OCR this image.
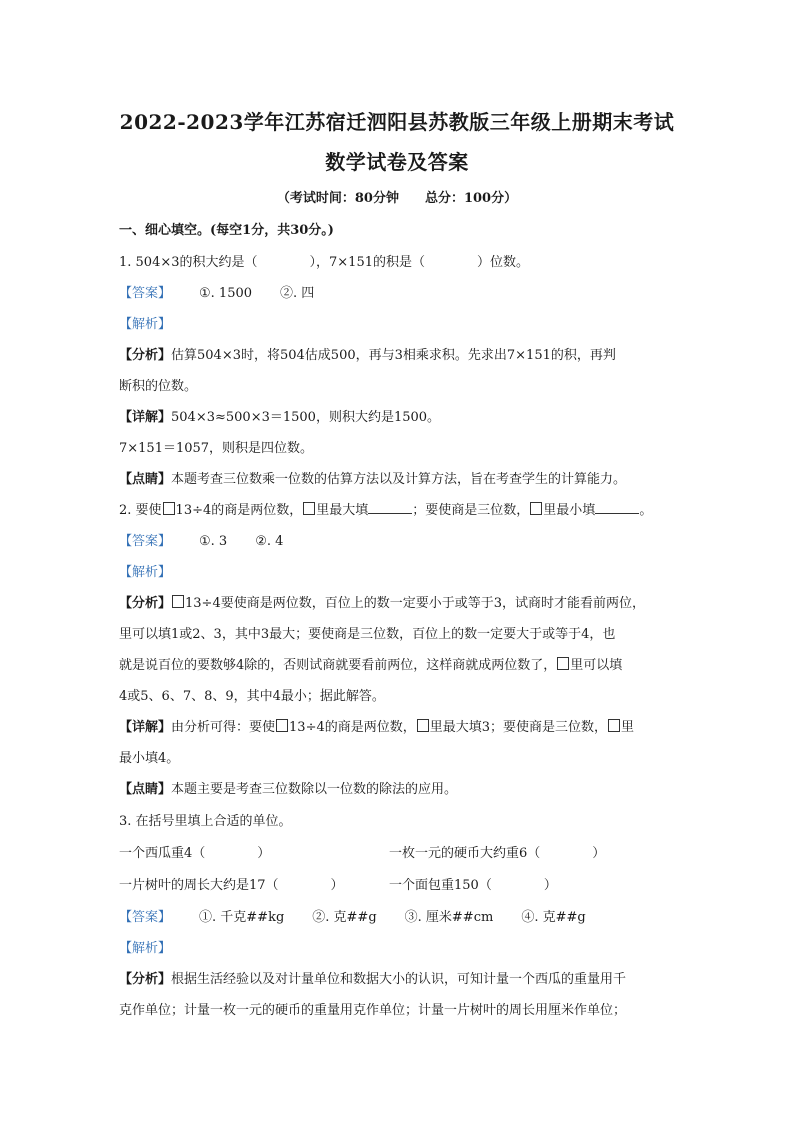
2022-2023学年江苏宿迁泗阳县苏教版三年级上册期末考试
数学试卷及答案
（考试时间：80分钟 总分：100分）
一、细心填空。(每空1分，共30分。)
1. 504×3的积大约是（　　　　），7×151的积是（　　　　）位数。
【答案】 ①. 1500 ②. 四
【解析】
【分析】估算504×3时，将504估成500，再与3相乘求积。先求出7×151的积，再判
断积的位数。
【详解】504×3≈500×3＝1500，则积大约是1500。
7×151＝1057，则积是四位数。
【点睛】本题考查三位数乘一位数的估算方法以及计算方法，旨在考查学生的计算能力。
2. 要使 13÷4的商是两位数， 里最大填	；要使商是三位数， 里最小填	。
【答案】 ①. 3 ②. 4
【解析】
【分析】 13÷4要使商是两位数，百位上的数一定要小于或等于3，试商时才能看前两位，
里可以填1或2、3，其中3最大；要使商是三位数，百位上的数一定要大于或等于4，也
就是说百位的要数够4除的，否则试商就要看前两位，这样商就成两位数了， 里可以填
4或5、6、7、8、9，其中4最小；据此解答。
【详解】由分析可得：要使 13÷4的商是两位数， 里最大填3；要使商是三位数， 里
最小填4。
【点睛】本题主要是考查三位数除以一位数的除法的应用。
3. 在括号里填上合适的单位。
一个西瓜重4（　　　　）	一枚一元的硬币大约重6（　　　　）
一片树叶的周长大约是17（　　　　）	一个面包重150（　　　　）
【答案】 ①. 千克##kg ②. 克##g ③. 厘米##cm ④. 克##g
【解析】
【分析】根据生活经验以及对计量单位和数据大小的认识，可知计量一个西瓜的重量用千
克作单位；计量一枚一元的硬币的重量用克作单位；计量一片树叶的周长用厘米作单位；
